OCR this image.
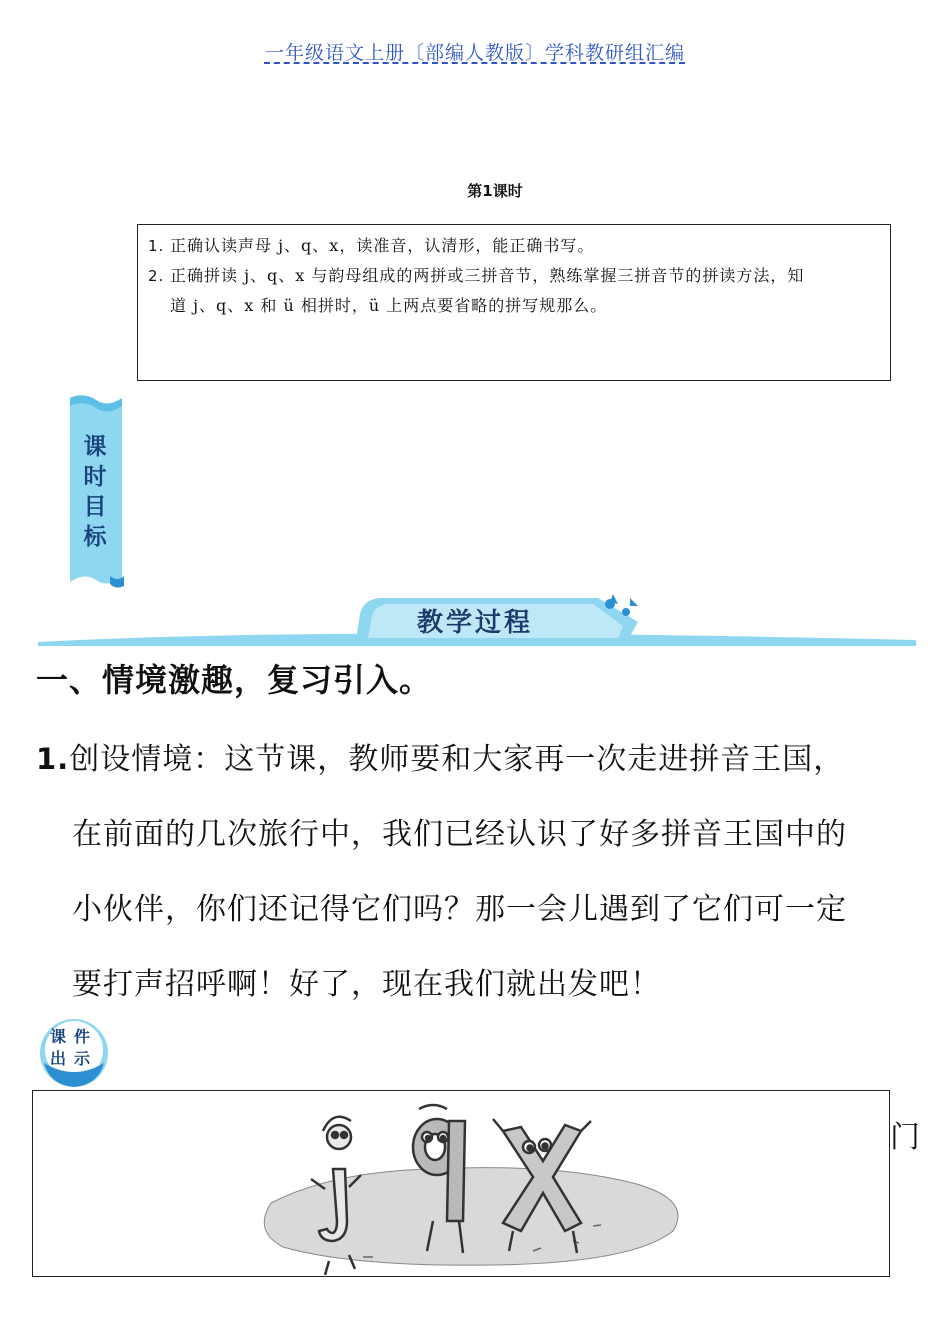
一年级语文上册〔部编人教版〕学科教研组汇编
第1课时
1. 正确认读声母 j、q、x，读准音，认清形，能正确书写。
2. 正确拼读 j、q、x 与韵母组成的两拼或三拼音节，熟练掌握三拼音节的拼读方法，知
道 j、q、x 和 ü 相拼时，ü 上两点要省略的拼写规那么。
课
时
目
标
教学过程
一、情境激趣，复习引入。
1.创设情境：这节课，教师要和大家再一次走进拼音王国，
在前面的几次旅行中，我们已经认识了好多拼音王国中的
小伙伴，你们还记得它们吗？那一会儿遇到了它们可一定
要打声招呼啊！好了，现在我们就出发吧！
课件
出示
门
